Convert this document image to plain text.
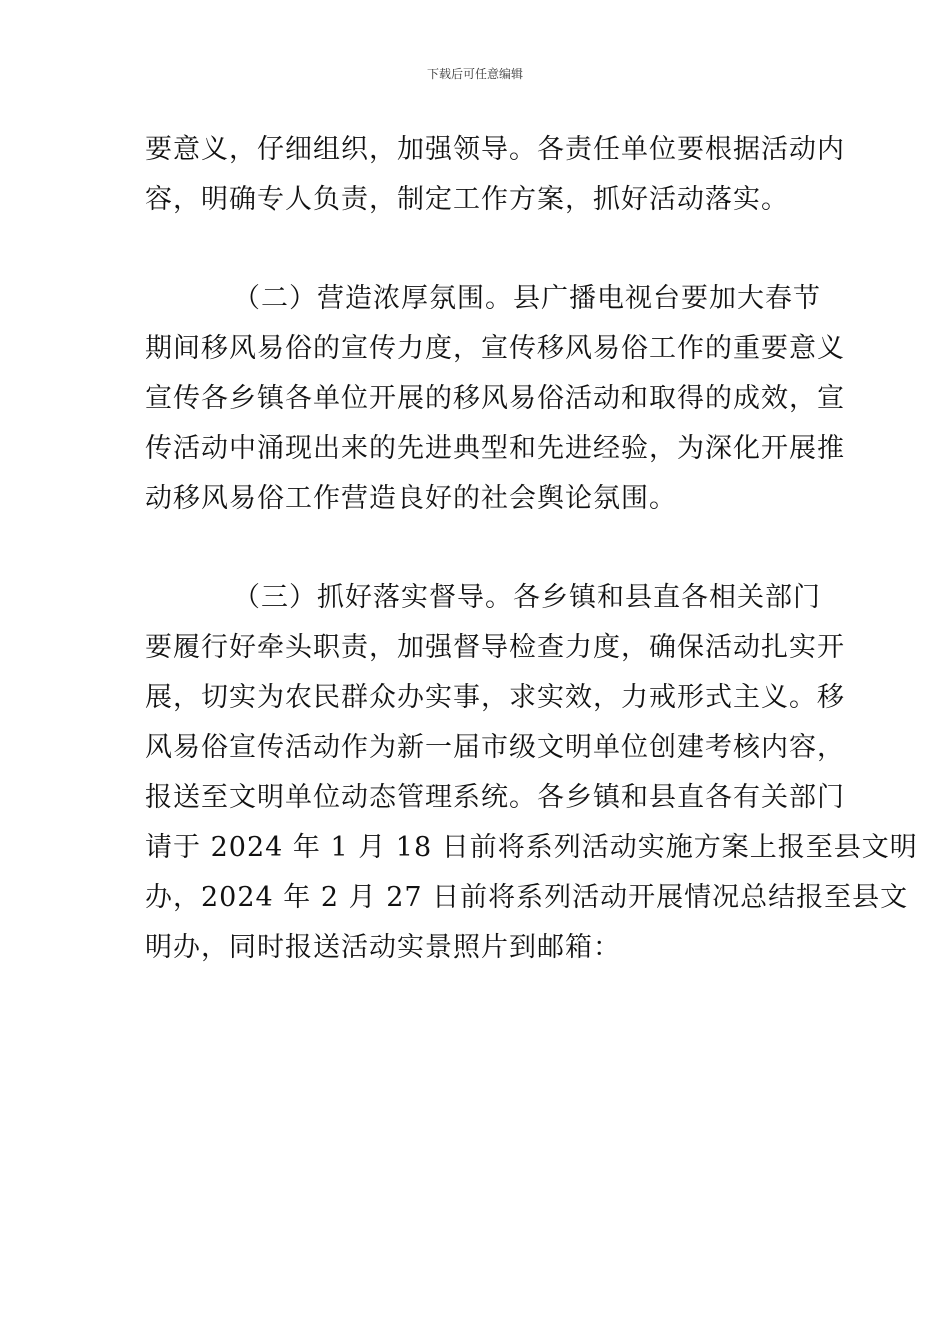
下载后可任意编辑
要意义，仔细组织，加强领导。各责任单位要根据活动内
容，明确专人负责，制定工作方案，抓好活动落实。
（二）营造浓厚氛围。县广播电视台要加大春节
期间移风易俗的宣传力度，宣传移风易俗工作的重要意义
宣传各乡镇各单位开展的移风易俗活动和取得的成效，宣
传活动中涌现出来的先进典型和先进经验，为深化开展推
动移风易俗工作营造良好的社会舆论氛围。
（三）抓好落实督导。各乡镇和县直各相关部门
要履行好牵头职责，加强督导检查力度，确保活动扎实开
展，切实为农民群众办实事，求实效，力戒形式主义。移
风易俗宣传活动作为新一届市级文明单位创建考核内容，
报送至文明单位动态管理系统。各乡镇和县直各有关部门
请于 2024 年 1 月 18 日前将系列活动实施方案上报至县文明
办，2024 年 2 月 27 日前将系列活动开展情况总结报至县文
明办，同时报送活动实景照片到邮箱：
